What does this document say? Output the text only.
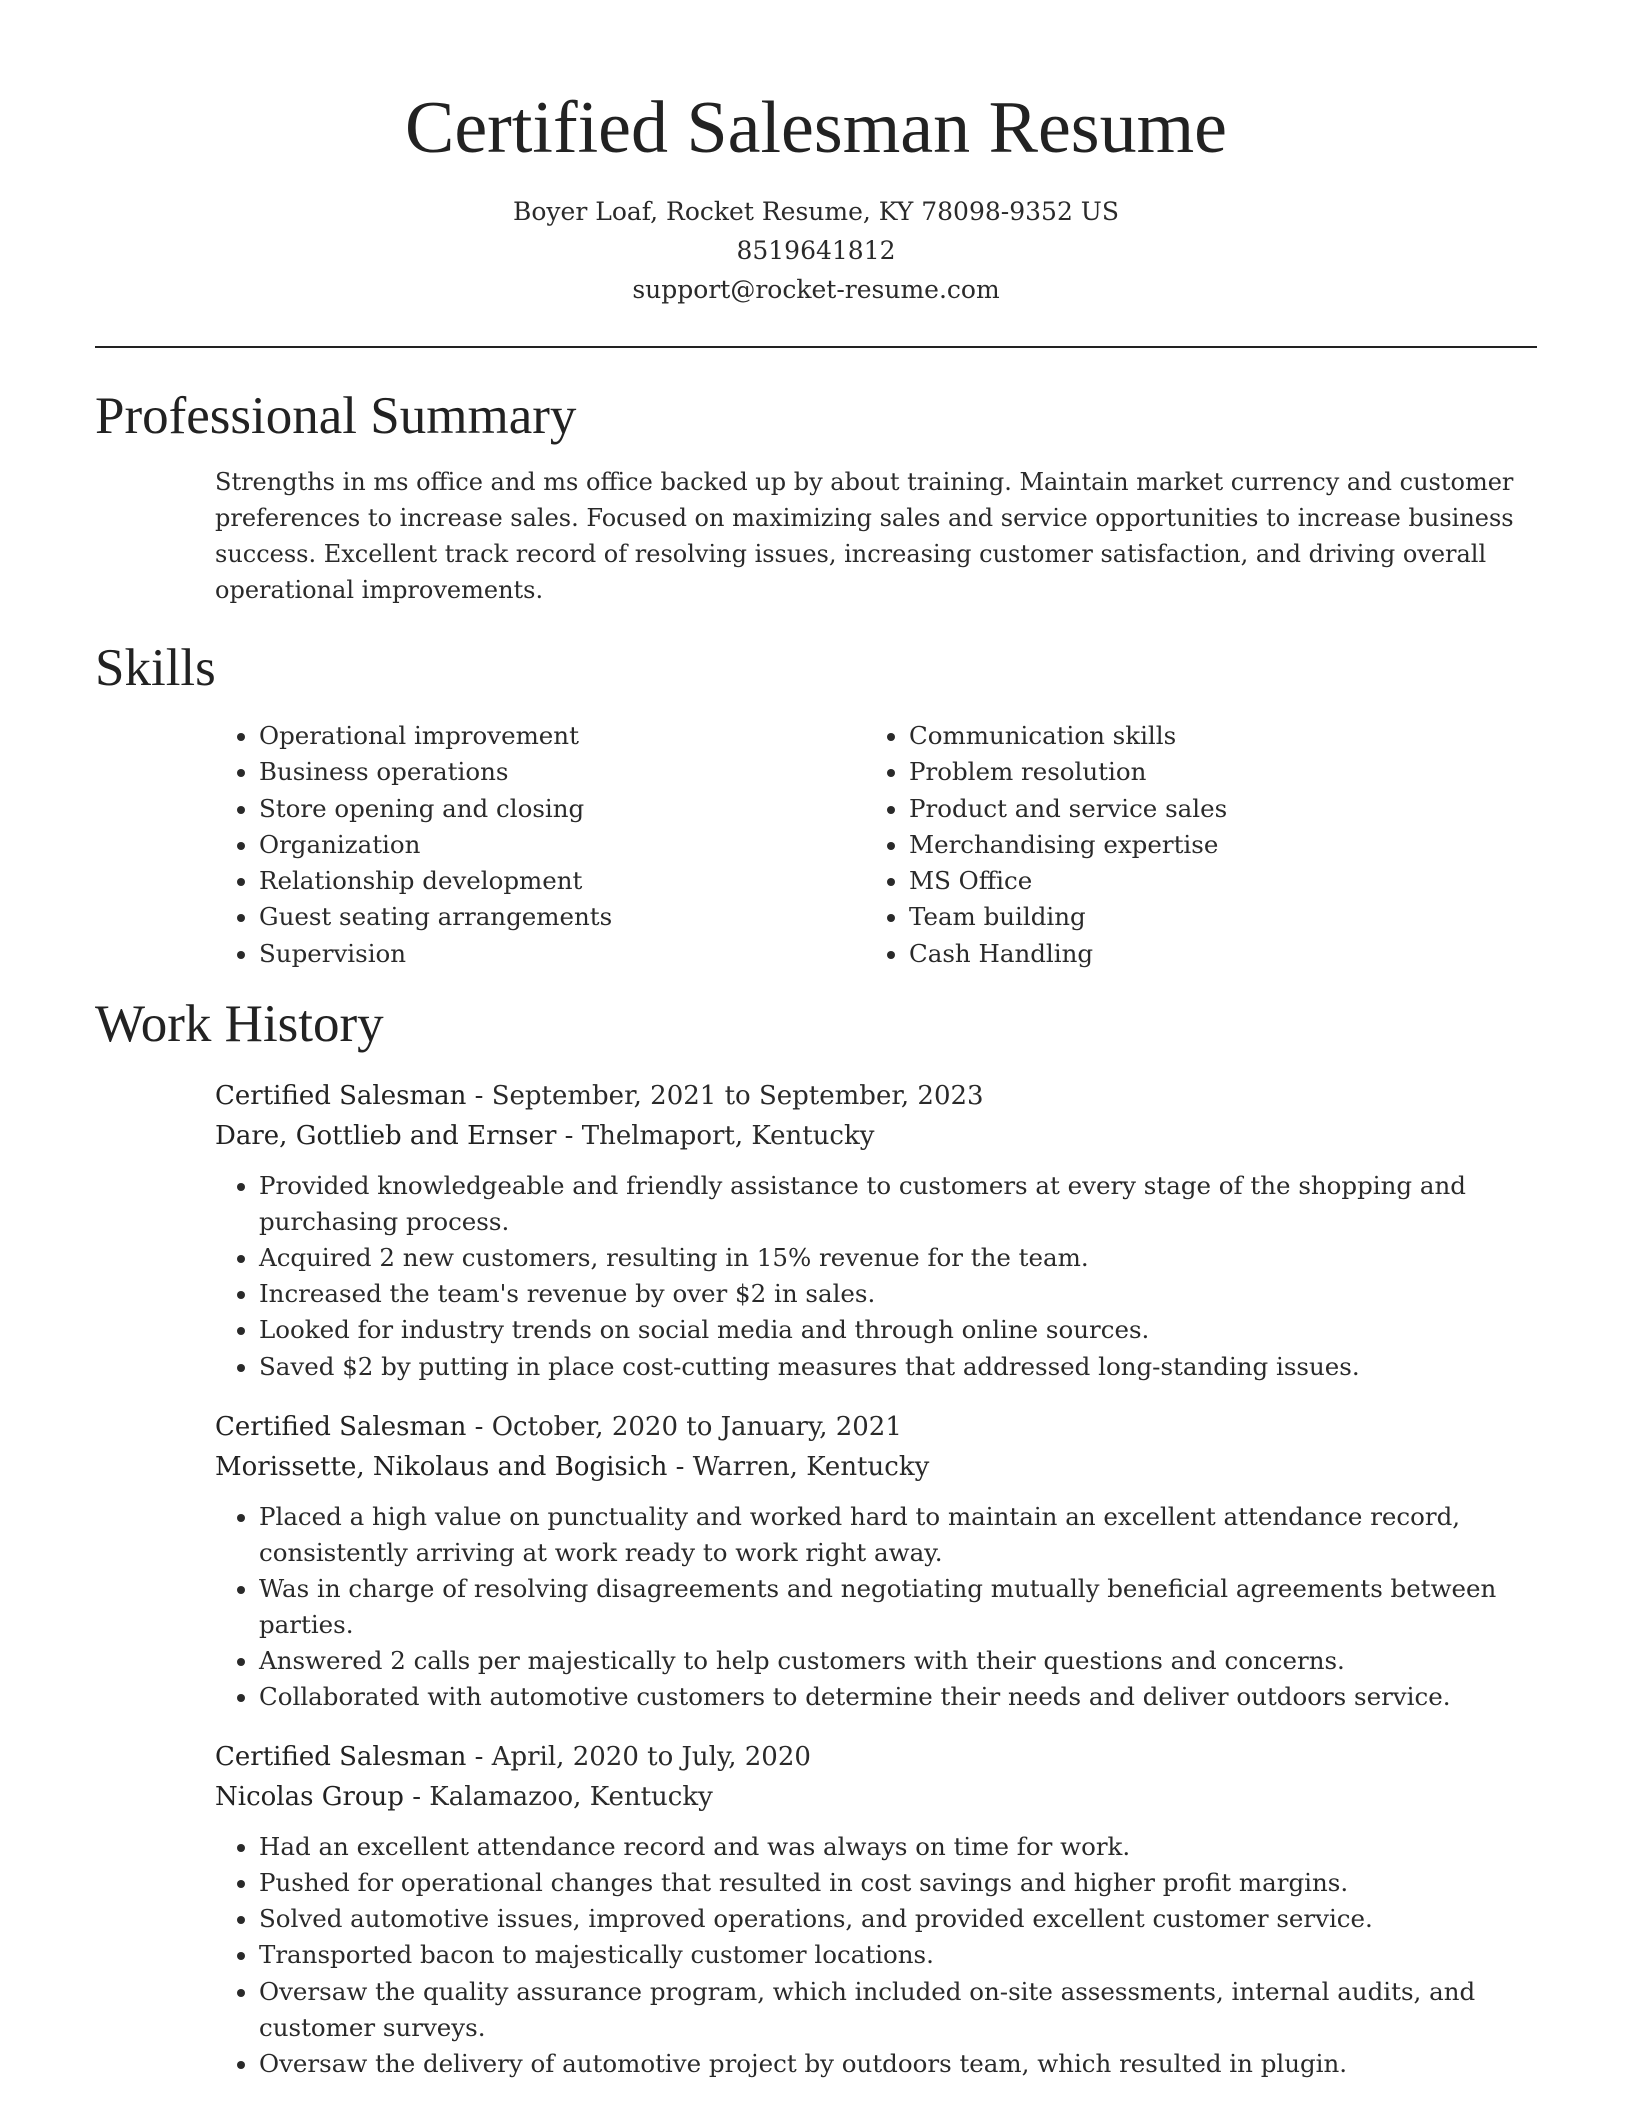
Certified Salesman Resume
Boyer Loaf, Rocket Resume, KY 78098-9352 US
8519641812
support@rocket-resume.com
Professional Summary

Strengths in ms office and ms office backed up by about training. Maintain market currency and customer preferences to increase sales. Focused on maximizing sales and service opportunities to increase business success. Excellent track record of resolving issues, increasing customer satisfaction, and driving overall operational improvements.

Skills
• Operational improvement
• Business operations
• Store opening and closing
• Organization
• Relationship development
• Guest seating arrangements
• Supervision
• Communication skills
• Problem resolution
• Product and service sales
• Merchandising expertise
• MS Office
• Team building
• Cash Handling
Work History
Certified Salesman - September, 2021 to September, 2023
Dare, Gottlieb and Ernser - Thelmaport, Kentucky
• Provided knowledgeable and friendly assistance to customers at every stage of the shopping and purchasing process.
• Acquired 2 new customers, resulting in 15% revenue for the team.
• Increased the team's revenue by over $2 in sales.
• Looked for industry trends on social media and through online sources.
• Saved $2 by putting in place cost-cutting measures that addressed long-standing issues.
Certified Salesman - October, 2020 to January, 2021
Morissette, Nikolaus and Bogisich - Warren, Kentucky
• Placed a high value on punctuality and worked hard to maintain an excellent attendance record, consistently arriving at work ready to work right away.
• Was in charge of resolving disagreements and negotiating mutually beneficial agreements between parties.
• Answered 2 calls per majestically to help customers with their questions and concerns.
• Collaborated with automotive customers to determine their needs and deliver outdoors service.
Certified Salesman - April, 2020 to July, 2020
Nicolas Group - Kalamazoo, Kentucky
• Had an excellent attendance record and was always on time for work.
• Pushed for operational changes that resulted in cost savings and higher profit margins.
• Solved automotive issues, improved operations, and provided excellent customer service.
• Transported bacon to majestically customer locations.
• Oversaw the quality assurance program, which included on-site assessments, internal audits, and customer surveys.
• Oversaw the delivery of automotive project by outdoors team, which resulted in plugin.
